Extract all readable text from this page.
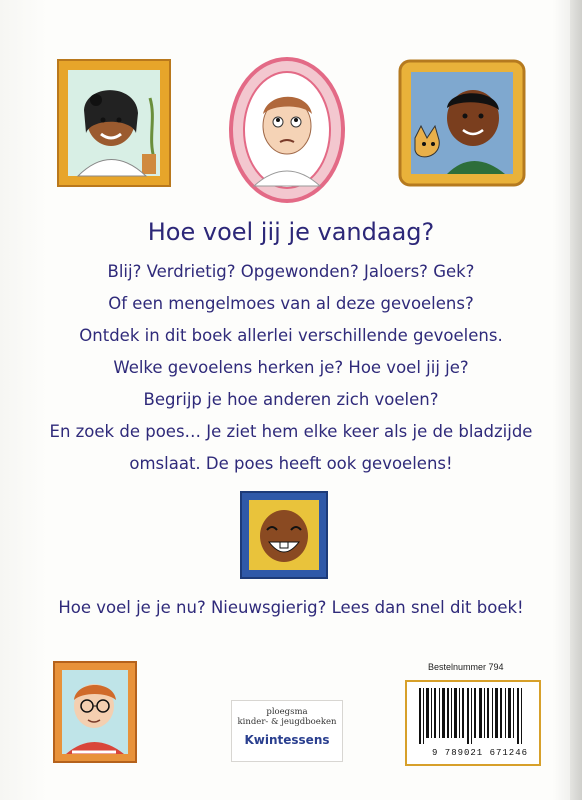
Hoe voel jij je vandaag?
Blij? Verdrietig? Opgewonden? Jaloers? Gek?
Of een mengelmoes van al deze gevoelens?
Ontdek in dit boek allerlei verschillende gevoelens.
Welke gevoelens herken je? Hoe voel jij je?
Begrijp je hoe anderen zich voelen?
En zoek de poes… Je ziet hem elke keer als je de bladzijde
omslaat. De poes heeft ook gevoelens!
Hoe voel je je nu? Nieuwsgierig? Lees dan snel dit boek!
ploegsma
kinder- & jeugdboeken
Kwintessens
Bestelnummer 794
9 789021 671246
